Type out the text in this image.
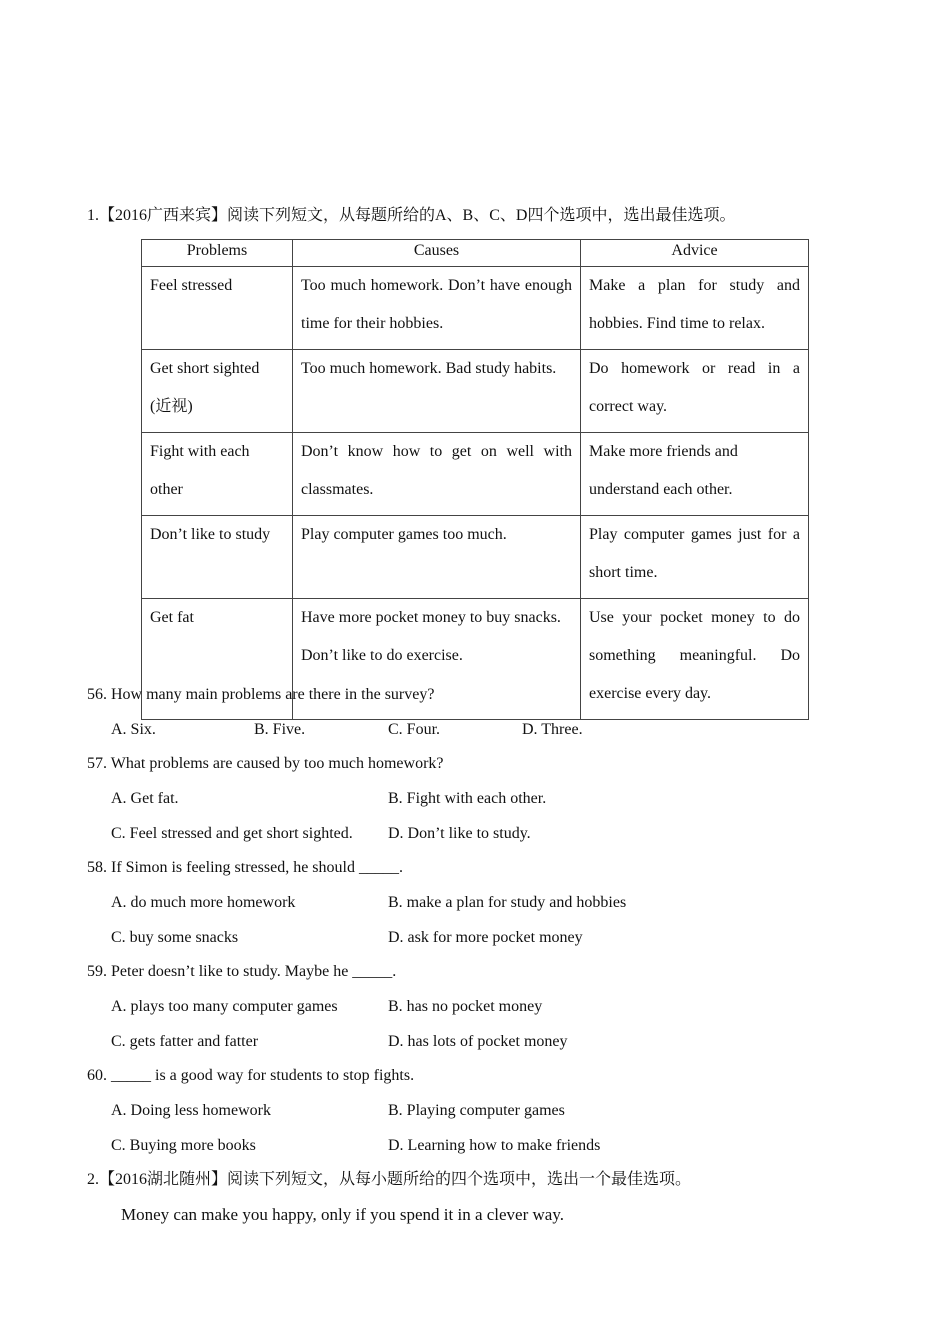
1.【2016广西来宾】阅读下列短文，从每题所给的A、B、C、D四个选项中，选出最佳选项。
Problems	Causes	Advice
Feel stressed	Too much homework. Don’t have enough time for their hobbies.	Make a plan for study and hobbies. Find time to relax.
Get short sighted (近视)	Too much homework. Bad study habits.	Do homework or read in a correct way.
Fight with each other	Don’t know how to get on well with classmates.	Make more friends and understand each other.
Don’t like to study	Play computer games too much.	Play computer games just for a short time.
Get fat	Have more pocket money to buy snacks. Don’t like to do exercise.	Use your pocket money to do something meaningful. Do exercise every day.
56. How many main problems are there in the survey?
A. Six.	B. Five.	C. Four.	D. Three.
57. What problems are caused by too much homework?
A. Get fat.	B. Fight with each other.
C. Feel stressed and get short sighted. D. Don’t like to study.
58. If Simon is feeling stressed, he should _____.
A. do much more homework	B. make a plan for study and hobbies
C. buy some snacks	D. ask for more pocket money
59. Peter doesn’t like to study. Maybe he _____.
A. plays too many computer games	B. has no pocket money
C. gets fatter and fatter	D. has lots of pocket money
60. _____ is a good way for students to stop fights.
A. Doing less homework	B. Playing computer games
C. Buying more books	D. Learning how to make friends
2.【2016湖北随州】阅读下列短文，从每小题所给的四个选项中，选出一个最佳选项。
Money can make you happy, only if you spend it in a clever way.
